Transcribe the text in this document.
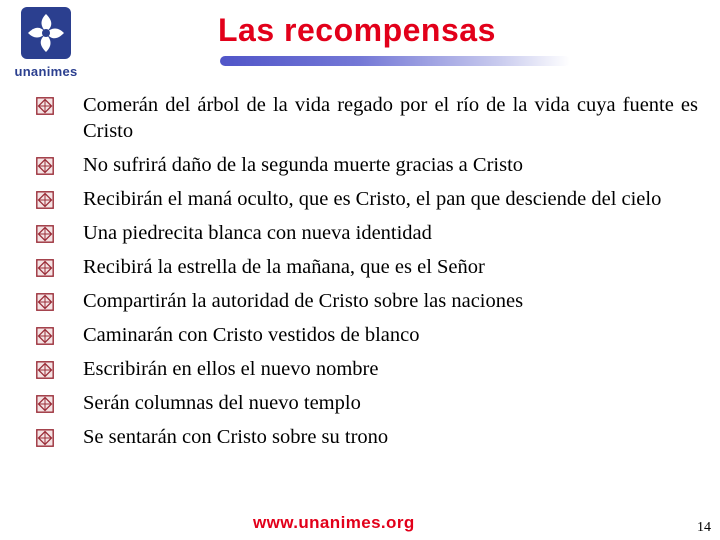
unanimes
Las recompensas
Comerán del árbol de la vida regado por el río de la vida cuya fuente es Cristo
No sufrirá daño de la segunda muerte gracias a Cristo
Recibirán el maná oculto, que es Cristo, el pan que desciende del cielo
Una piedrecita blanca con nueva identidad
Recibirá la estrella de la mañana, que es el Señor
Compartirán la autoridad de Cristo sobre las naciones
Caminarán con Cristo vestidos de blanco
Escribirán en ellos el nuevo nombre
Serán columnas del nuevo templo
Se sentarán con Cristo sobre su trono
www.unanimes.org	14
